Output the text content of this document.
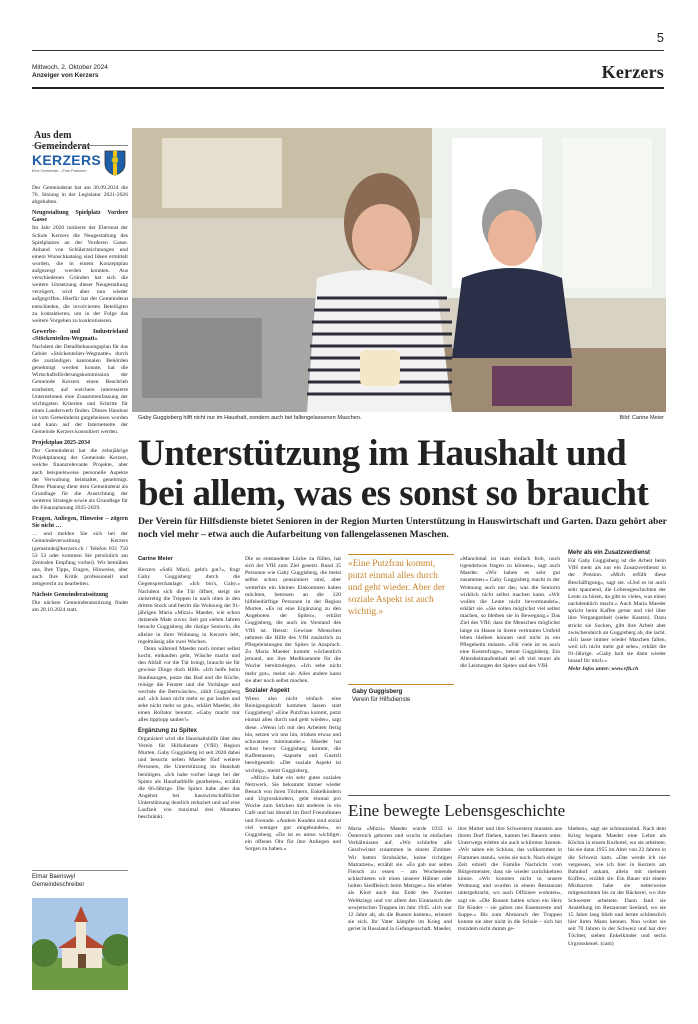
5
Mittwoch, 2. Oktober 2024
Anzeiger von Kerzers	Kerzers
Aus dem Gemeinderat
KERZERS
Eine Gemeinde – Eine Partnerin

Der Gemeinderat hat am 30.09.2024 die 76. Sitzung in der Legislatur 2021-2026 abgehalten.

Neugestaltung Spielplatz Vordere Gasse

Im Jahr 2020 initiierte der Elternrat der Schule Kerzers die Neugestaltung des Spielplatzes an der Vorderen Gasse. Anhand von Schülerzeichnungen und einem Wunschkatalog sind Ideen ermittelt worden, die in einem Konzeptplan aufgezeigt werden konnten. Aus verschiedenen Gründen hat sich die weitere Umsetzung dieser Neugestaltung verzögert, wird aber nun wieder aufgegriffen. Hierfür hat der Gemeinderat entschieden, die involvierten Beteiligten zu kontaktieren, um in der Folge das weitere Vorgehen zu konkretisieren.

Gewerbe- und Industrieland «Stöckenteilen-Wegmatt»

Nachdem der Detailbebauungsplan für das Gebiet «Stöckenteilen-Wegmatte» durch die zuständigen kantonalen Behörden genehmigt werden konnte, hat die Wirtschaftsförderungskommission der Gemeinde Kerzers einen Beschrieb erarbeitet, auf welchem interessierte Unternehmen eine Zusammenfassung der wichtigsten Kriterien und Schritte für einen Landerwerb finden. Dieses Handout ist vom Gemeinderat gutgeheissen worden und kann auf der Internetseite der Gemeinde Kerzers konsultiert werden.

Projektplan 2025-2034

Der Gemeinderat hat die zehnjährige Projektplanung der Gemeinde Kerzers, welche finanzrelevante Projekte, aber auch beispielsweise personelle Aspekte der Verwaltung beinhaltet, genehmigt. Diese Planung dient dem Gemeinderat als Grundlage für die Ausrichtung der weiteren Strategie sowie als Grundlage für die Finanzplanung 2025-2029.

Fragen, Anliegen, Hinweise – zögern Sie nicht …

… und melden Sie sich bei der Gemeindeverwaltung Kerzers (gemeinde@kerzers.ch / Telefon 031 750 53 53 oder kommen Sie persönlich am Zentralen Empfang vorbei). Wir bemühen uns, Ihre Tipps, Fragen, Hinweise, aber auch Ihre Kritik professionell und zeitgerecht zu bearbeiten.

Nächste Gemeinderatssitzung

Die nächste Gemeinderatssitzung findet am 28.10.2024 statt.

Elmar Baeriswyl
Gemeindeschreiber
Gaby Guggisberg hilft nicht nur im Haushalt, sondern auch bei fallengelassenen Maschen.	Bild: Carine Meier
Unterstützung im Haushalt und bei allem, was es sonst so braucht
Der Verein für Hilfsdienste bietet Senioren in der Region Murten Unterstützung in Hauswirtschaft und Garten. Dazu gehört aber noch viel mehr – etwa auch die Aufarbeitung von fallengelassenen Maschen.

Carine Meier

Kerzers «Salü Mizzi, geht's gut?», fragt Gaby Guggisberg durch die Gegensprechanlage. «Ich bin's, Gaby.» Nachdem sich die Tür öffnet, steigt sie zielstrebig die Treppen in nach oben in den dritten Stock und betritt die Wohnung der 91-jährigen Maria «Mizzi» Maeder, wie schon dutzende Male zuvor. Seit gut sieben Jahren besucht Guggisberg die rüstige Seniorin, die alleine in ihrer Wohnung in Kerzers lebt, regelmässig alle zwei Wochen.

Denn während Maeder noch immer selbst kocht, einkaufen geht, Wäsche macht und den Abfall vor die Tür bringt, braucht sie für gewisse Dinge doch Hilfe. «Ich helfe beim Staubsaugen, putze das Bad und die Küche, reinige die Fenster und die Vorhänge und wechsle die Bettwäsche», zählt Guggisberg auf. «Ich kann nicht mehr so gut laufen und sehe nicht mehr so gut», erklärt Maeder, die einen Rollator benutzt. «Gaby macht mir alles tipptopp sauber!»

Ergänzung zu Spitex

Organisiert wird die Haushaltshilfe über den Verein für Hilfsdienste (VfH) Region Murten. Gaby Guggisberg ist seit 2020 dabei und besucht neben Maeder fünf weitere Personen, die Unterstützung im Haushalt benötigen. «Ich habe vorher lange bei der Spitex als Haushalthilfe gearbeitet», erzählt die 66-Jährige. Die Spitex habe aber das Angebot bei hauswirtschaftlicher Unterstützung deutlich reduziert und auf eine Laufzeit von maximal drei Monaten beschränkt.

Die so entstandene Lücke zu füllen, hat sich der VfH zum Ziel gesetzt. Rund 35 Personen wie Gaby Guggisberg, die meist selbst schon pensioniert sind, aber weiterhin ein kleines Einkommen haben möchten, betreuen an die 120 hilfebedürftige Personen in der Region Murten. «Es ist eine Ergänzung zu den Angeboten der Spitex», erklärt Guggisberg, die auch im Vorstand des VfH ist. Heisst: Gewisse Menschen nehmen die Hilfe des VfH zusätzlich zu Pflegeleistungen der Spitex in Anspruch. Zu Maria Maeder kommt wöchentlich jemand, um ihre Medikamente für die Woche bereitzulegen. «Ich sehe nicht mehr gut», meint sie. Alles andere kann sie aber noch selbst machen.

Sozialer Aspekt

Wieso also nicht einfach eine Reinigungskraft kommen lassen statt Guggisberg? «Eine Putzfrau kommt, putzt einmal alles durch und geht wieder», sagt diese. «Wenn ich mit den Arbeiten fertig bin, setzen wir uns hin, trinken etwas und schwatzen miteinander.» Maeder hat schon bevor Guggisberg kommt, die Kaffeetassen, -kapseln und Guetzli bereitgestellt. «Der soziale Aspekt ist wichtig», meint Guggisberg.

«Mizzi» habe ein sehr gutes soziales Netzwerk. Sie bekommt immer wieder Besuch von ihren Töchtern, Enkelkindern und Urgrosskindern, geht einmal pro Woche zum Stricken mit anderen in ein Café und hat überall im Dorf Freundinnen und Freunde. «Andere Kunden sind sozial viel weniger gut eingebunden», so Guggisberg. «Da ist es umso wichtiger, ein offenes Ohr für ihre Anliegen und Sorgen zu haben.»

«Eine Putzfrau kommt, putzt einmal alles durch und geht wieder. Aber der soziale Aspekt ist auch wichtig.»
Gaby Guggisberg
Verein für Hilfsdienste

«Manchmal ist man einfach froh, noch irgendetwas fragen zu können», sagt auch Maeder. «Wir haben es sehr gut zusammen.» Gaby Guggisberg macht in der Wohnung auch nur das, was die Seniorin wirklich nicht selbst machen kann. «Wir wollen die Leute nicht bevormunden», erklärt sie. «Sie sollen möglichst viel selbst machen, so bleiben sie in Bewegung.» Das Ziel des VfH: dass die Menschen möglichst lange zu Hause in ihrem vertrauten Umfeld leben bleiben können und nicht in ein Pflegeheim müssen. «Für viele ist es auch eine Kostenfrage», betont Guggisberg. Ein Altersheimaufenthalt sei oft viel teurer als die Leistungen der Spitex und des VfH.

Mehr als ein Zusatzverdienst

Für Gaby Guggisberg ist die Arbeit beim VfH mehr als nur ein Zusatzverdienst in der Pension. «Mich erfüllt diese Beschäftigung», sagt sie. «Und es ist auch sehr spannend, die Lebensgeschichten der Leute zu hören, da gibt es vieles, was einen nachdenklich macht.» Auch Maria Maeder spricht beim Kaffee gerne und viel über ihre Vergangenheit (siehe Kasten). Dazu strickt sie Socken, gibt ihre Arbeit aber zwischendurch an Guggisberg ab, die lacht. «Ich lasse immer wieder Maschen fallen, weil ich nicht mehr gut sehe», erklärt die 91-Jährige. «Gaby holt sie dann wieder hinauf für mich.»

Mehr Infos unter: www.vfh.ch

Eine bewegte Lebensgeschichte

Maria «Mizzi» Maeder wurde 1933 in Österreich geboren und wuchs in einfachen Verhältnissen auf. «Wir schliefen alle Geschwister zusammen in einem Zimmer. Wir hatten Strohsäcke, keine richtigen Matratzen», erzählt sie. «Es gab nur selten Fleisch zu essen – am Wochenende schlachteten wir eines unserer Hühner oder holten Siedfleisch beim Metzger.» Sie erlebte als Kind auch das Ende des Zweiten Weltkriegs und vor allem den Einmarsch der sowjetischen Truppen im Jahr 1945. «Ich war 12 Jahre alt, als die Russen kamen», erinnert sie sich. Ihr Vater kämpfte im Krieg und geriet in Russland in Gefangenschaft. Maeder,

ihre Mutter und ihre Schwestern mussten aus ihrem Dorf fliehen, kamen bei Bauern unter. Unterwegs erlebte sie auch schlimme Szenen. «Wir sahen ein Schloss, das vollkommen in Flammen stand», weiss sie noch. Nach einiger Zeit erhielt die Familie Nachricht vom Bürgermeister, dass sie wieder zurückkehren könne. «Wir konnten nicht in unsere Wohnung und wurden in einem Restaurant untergebracht, wo auch Offiziere wohnten», sagt sie. «Die Russen hatten schon ein Herz für Kinder – sie gaben uns Essensreste und Suppe.» Bis zum Abmarsch der Truppen konnte sie aber nicht in die Schule – sich bin trotzdem nicht dumm ge-

blieben», sagt sie schmunzelnd. Nach dem Krieg begann Maeder eine Lehre als Köchin in einem Kurhotel, wo sie arbeitete, bis sie dann 1955 im Alter von 22 Jahren in die Schweiz kam. «Das werde ich nie vergessen, wie ich hier in Kerzers am Bahnhof ankam, allein mit meinem Koffer», erzählt sie. Ein Bauer mit einem Mistkarren habe sie netterweise mitgenommen bis zu der Bäckerei, wo ihre Schwester arbeitete. Dann fand sie Anstellung im Restaurant Seeland, wo sie 15 Jahre lang blieb und lernte schliesslich hier ihren Mann kennen. Nun wohnt sie seit 70 Jahren in der Schweiz und hat drei Töchter, sieben Enkelkinder und sechs Urgrosskenel. (cam)
